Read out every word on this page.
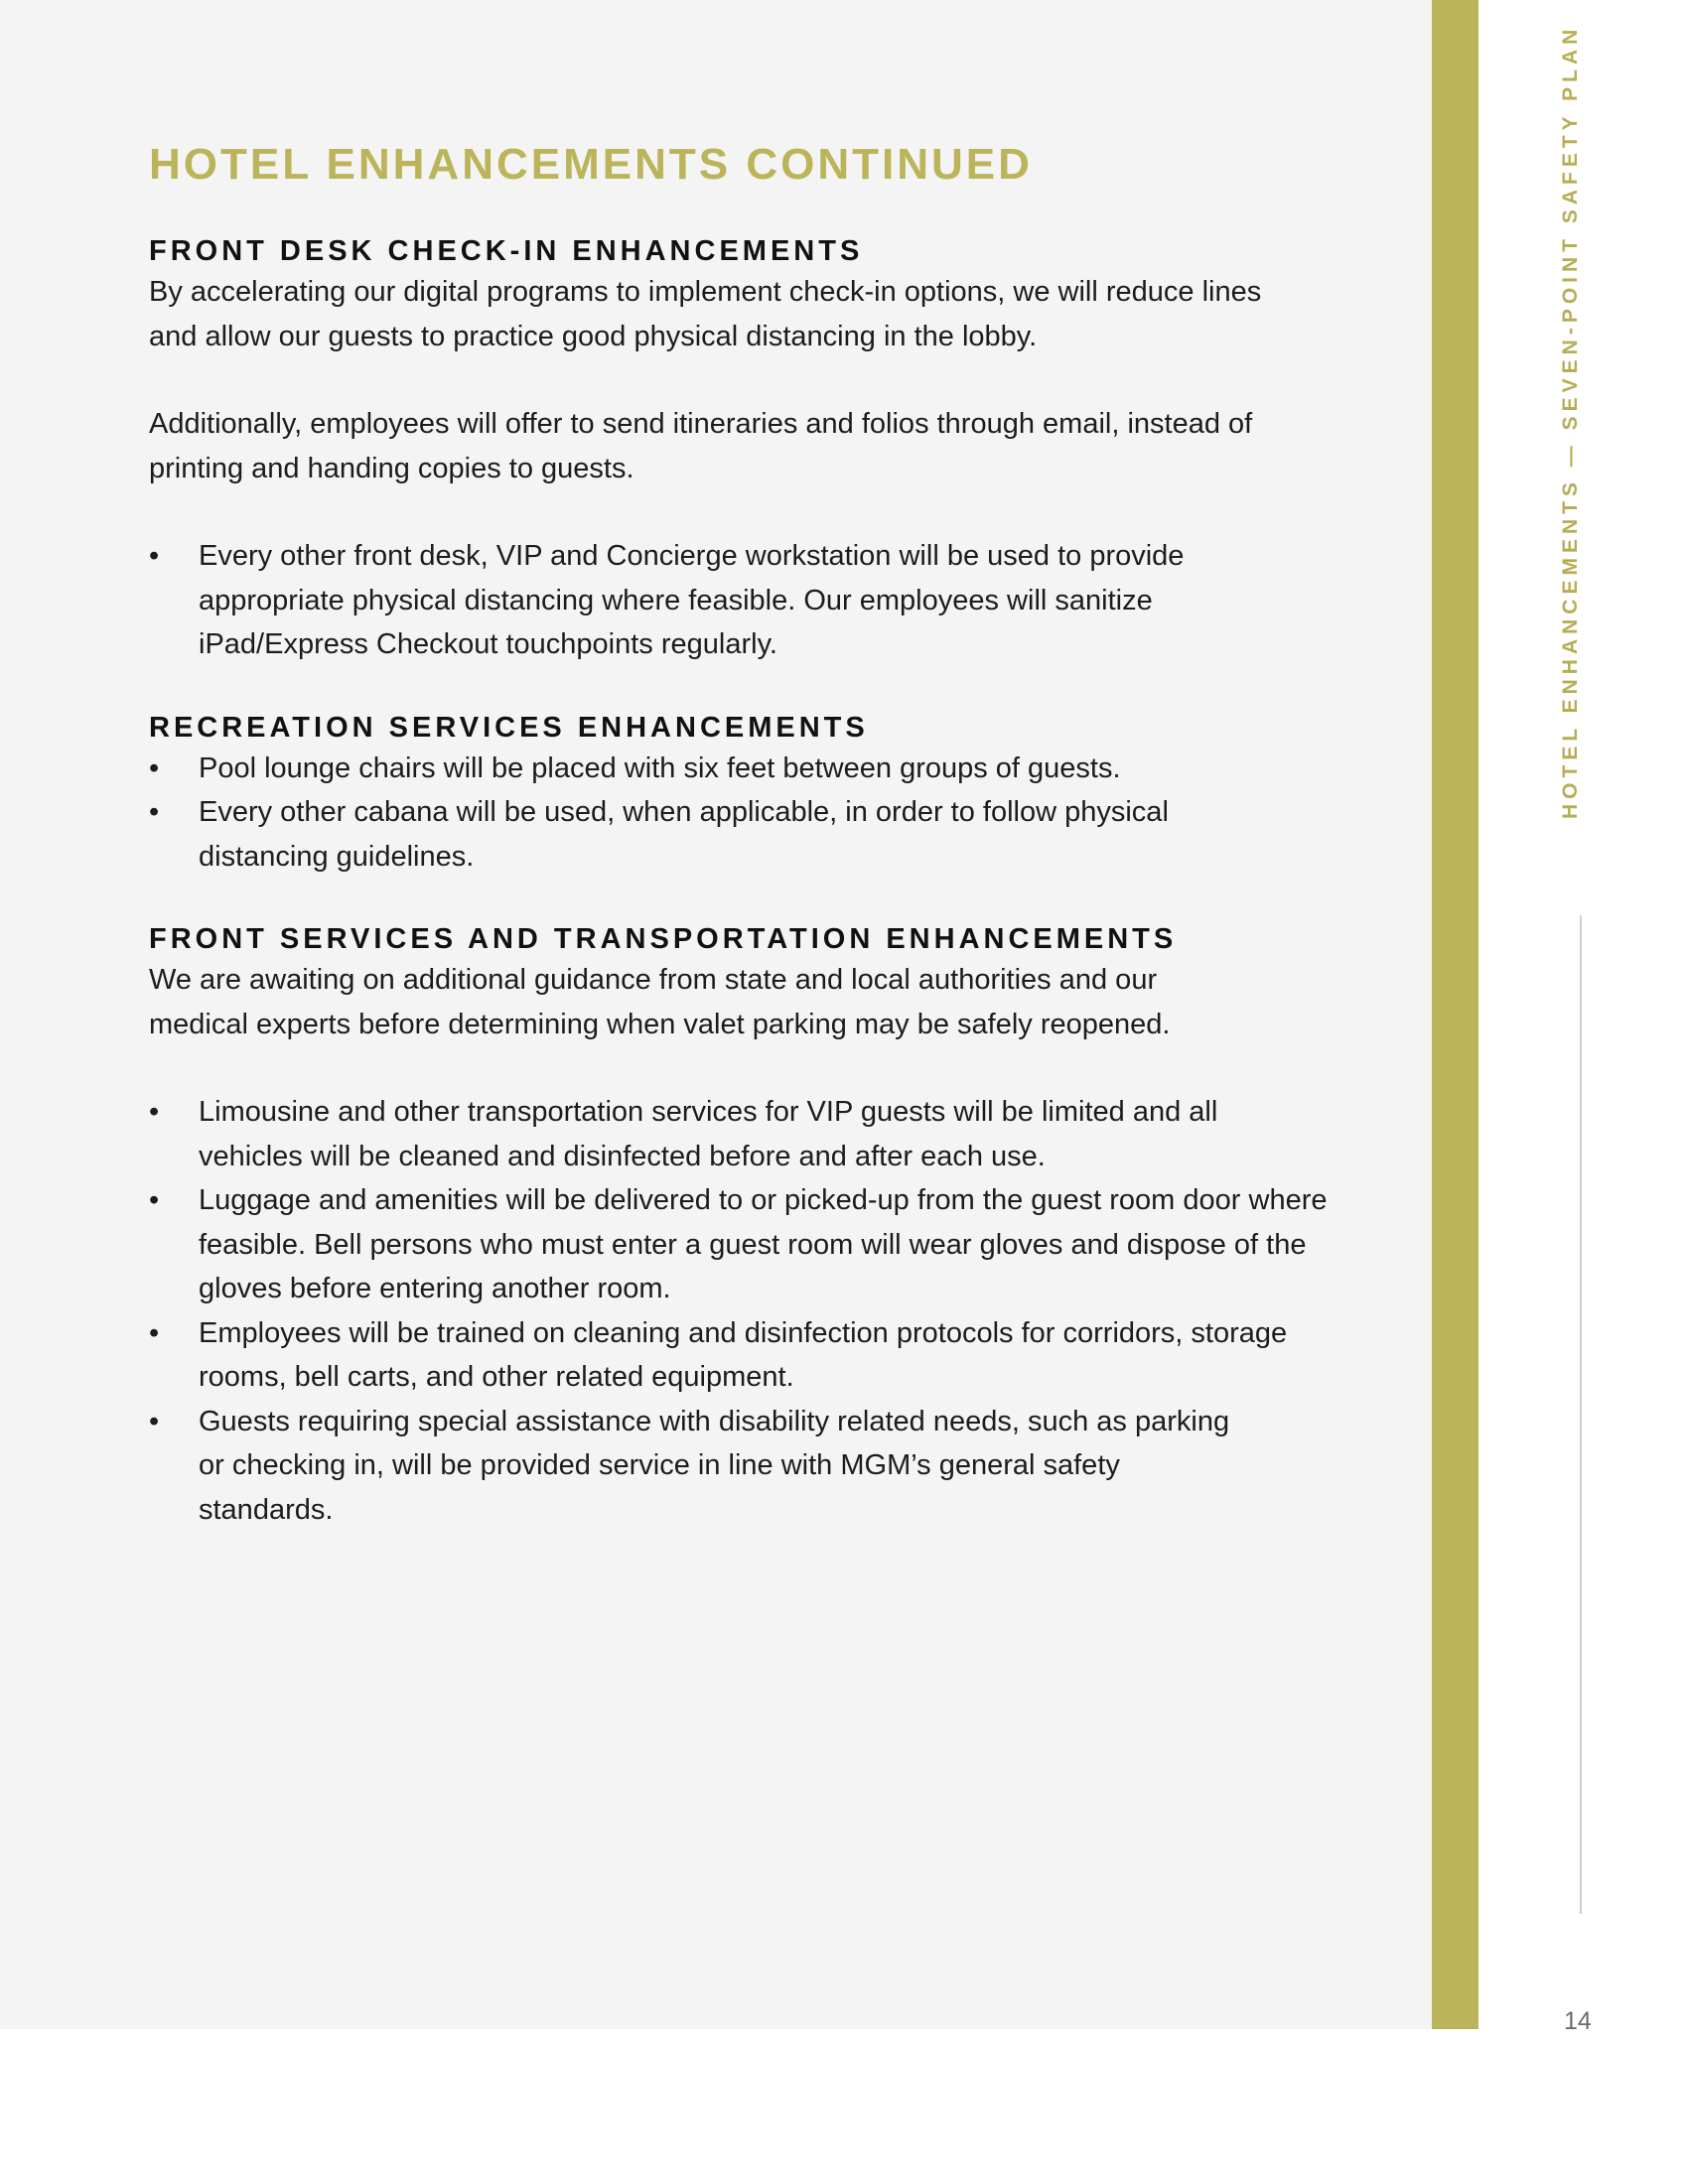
HOTEL ENHANCEMENTS — SEVEN-POINT SAFETY PLAN
14
HOTEL ENHANCEMENTS CONTINUED
FRONT DESK CHECK-IN ENHANCEMENTS

By accelerating our digital programs to implement check-in options, we will reduce lines and allow our guests to practice good physical distancing in the lobby.

Additionally, employees will offer to send itineraries and folios through email, instead of printing and handing copies to guests.

• Every other front desk, VIP and Concierge workstation will be used to provide appropriate physical distancing where feasible. Our employees will sanitize iPad/Express Checkout touchpoints regularly.
RECREATION SERVICES ENHANCEMENTS
• Pool lounge chairs will be placed with six feet between groups of guests.
• Every other cabana will be used, when applicable, in order to follow physical distancing guidelines.
FRONT SERVICES AND TRANSPORTATION ENHANCEMENTS

We are awaiting on additional guidance from state and local authorities and our medical experts before determining when valet parking may be safely reopened.

• Limousine and other transportation services for VIP guests will be limited and all vehicles will be cleaned and disinfected before and after each use.
• Luggage and amenities will be delivered to or picked-up from the guest room door where feasible. Bell persons who must enter a guest room will wear gloves and dispose of the gloves before entering another room.
• Employees will be trained on cleaning and disinfection protocols for corridors, storage rooms, bell carts, and other related equipment.
• Guests requiring special assistance with disability related needs, such as parking or checking in, will be provided service in line with MGM’s general safety standards.
